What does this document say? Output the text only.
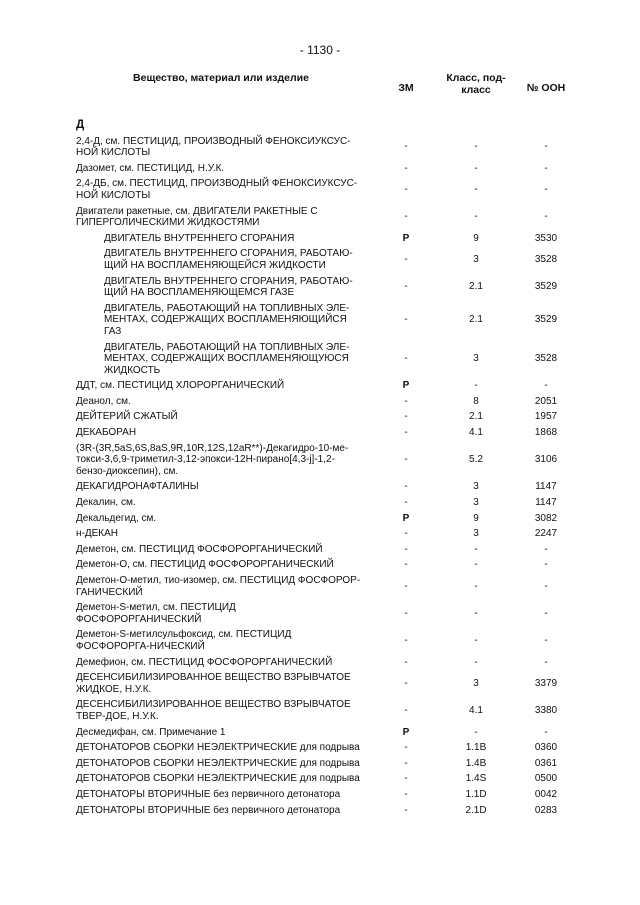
- 1130 -
Вещество, материал или изделие	ЗМ	Класс, под- класс	№ ООН
Д			
2,4-Д, см. ПЕСТИЦИД, ПРОИЗВОДНЫЙ ФЕНОКСИУКСУС-НОЙ КИСЛОТЫ	-	-	-
Дазомет, см. ПЕСТИЦИД, Н.У.К.	-	-	-
2,4-ДБ, см. ПЕСТИЦИД, ПРОИЗВОДНЫЙ ФЕНОКСИУКСУС-НОЙ КИСЛОТЫ	-	-	-
Двигатели ракетные, см. ДВИГАТЕЛИ РАКЕТНЫЕ С ГИПЕРГОЛИЧЕСКИМИ ЖИДКОСТЯМИ	-	-	-
ДВИГАТЕЛЬ ВНУТРЕННЕГО СГОРАНИЯ	Р	9	3530
ДВИГАТЕЛЬ ВНУТРЕННЕГО СГОРАНИЯ, РАБОТАЮ-ЩИЙ НА ВОСПЛАМЕНЯЮЩЕЙСЯ ЖИДКОСТИ	-	3	3528
ДВИГАТЕЛЬ ВНУТРЕННЕГО СГОРАНИЯ, РАБОТАЮ-ЩИЙ НА ВОСПЛАМЕНЯЮЩЕМСЯ ГАЗЕ	-	2.1	3529
ДВИГАТЕЛЬ, РАБОТАЮЩИЙ НА ТОПЛИВНЫХ ЭЛЕ-МЕНТАХ, СОДЕРЖАЩИХ ВОСПЛАМЕНЯЮЩИЙСЯ ГАЗ	-	2.1	3529
ДВИГАТЕЛЬ, РАБОТАЮЩИЙ НА ТОПЛИВНЫХ ЭЛЕ-МЕНТАХ, СОДЕРЖАЩИХ ВОСПЛАМЕНЯЮЩУЮСЯ ЖИДКОСТЬ	-	3	3528
ДДТ, см. ПЕСТИЦИД ХЛОРОРГАНИЧЕСКИЙ	Р	-	-
Деанол, см.	-	8	2051
ДЕЙТЕРИЙ СЖАТЫЙ	-	2.1	1957
ДЕКАБОРАН	-	4.1	1868
(3R-(3R,5aS,6S,8aS,9R,10R,12S,12aR**)-Декагидро-10-ме-токси-3,6,9-триметил-3,12-эпокси-12Н-пирано[4,3-j]-1,2-бензо-диоксепин), см.	-	5.2	3106
ДЕКАГИДРОНАФТАЛИНЫ	-	3	1147
Декалин, см.	-	3	1147
Декальдегид, см.	Р	9	3082
н-ДЕКАН	-	3	2247
Деметон, см. ПЕСТИЦИД ФОСФОРОРГАНИЧЕСКИЙ	-	-	-
Деметон-О, см. ПЕСТИЦИД ФОСФОРОРГАНИЧЕСКИЙ	-	-	-
Деметон-О-метил, тио-изомер, см. ПЕСТИЦИД ФОСФОРОР-ГАНИЧЕСКИЙ	-	-	-
Деметон-S-метил, см. ПЕСТИЦИД ФОСФОРОРГАНИЧЕСКИЙ	-	-	-
Деметон-S-метилсульфоксид, см. ПЕСТИЦИД ФОСФОРОРГА-НИЧЕСКИЙ	-	-	-
Демефион, см. ПЕСТИЦИД ФОСФОРОРГАНИЧЕСКИЙ	-	-	-
ДЕСЕНСИБИЛИЗИРОВАННОЕ ВЕЩЕСТВО ВЗРЫВЧАТОЕ ЖИДКОЕ, Н.У.К.	-	3	3379
ДЕСЕНСИБИЛИЗИРОВАННОЕ ВЕЩЕСТВО ВЗРЫВЧАТОЕ ТВЕР-ДОЕ, Н.У.К.	-	4.1	3380
Десмедифан, см. Примечание 1	Р	-	-
ДЕТОНАТОРОВ СБОРКИ НЕЭЛЕКТРИЧЕСКИЕ для подрыва	-	1.1B	0360
ДЕТОНАТОРОВ СБОРКИ НЕЭЛЕКТРИЧЕСКИЕ для подрыва	-	1.4B	0361
ДЕТОНАТОРОВ СБОРКИ НЕЭЛЕКТРИЧЕСКИЕ для подрыва	-	1.4S	0500
ДЕТОНАТОРЫ ВТОРИЧНЫЕ без первичного детонатора	-	1.1D	0042
ДЕТОНАТОРЫ ВТОРИЧНЫЕ без первичного детонатора	-	2.1D	0283
